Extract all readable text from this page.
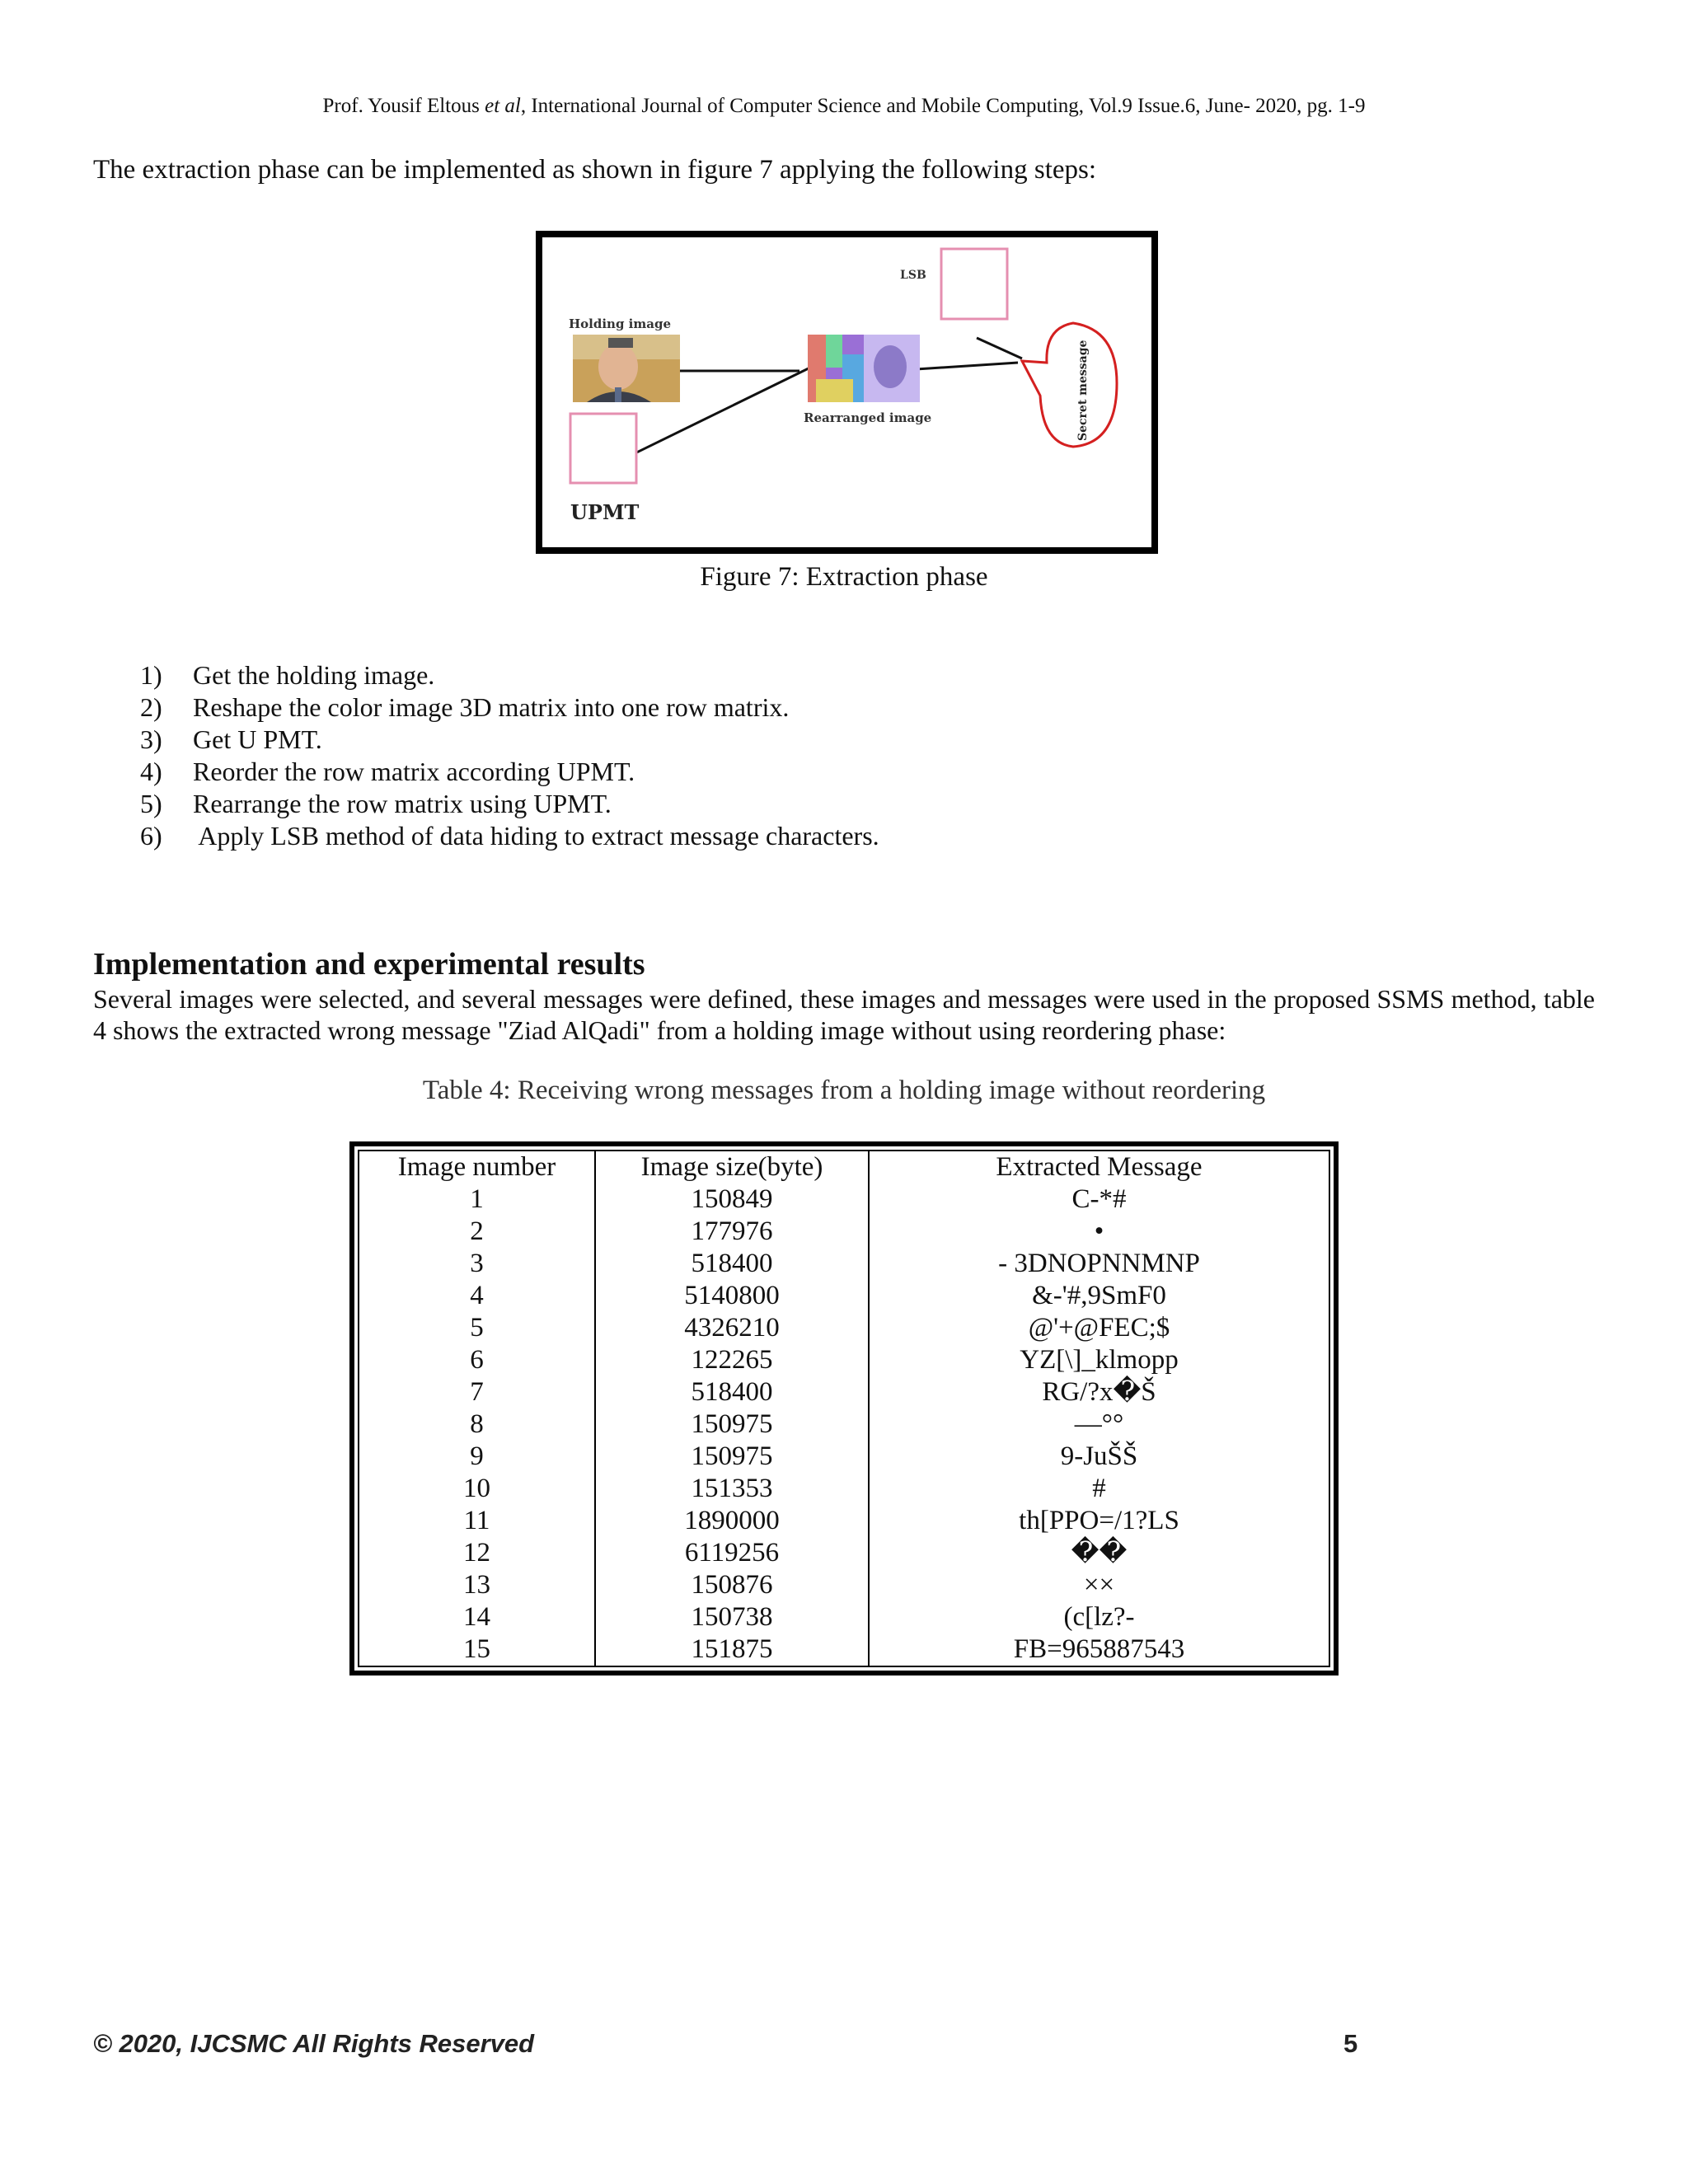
Prof. Yousif Eltous et al, International Journal of Computer Science and Mobile Computing, Vol.9 Issue.6, June- 2020, pg. 1-9
The extraction phase can be implemented as shown in figure 7 applying the following steps:
Holding image
Rearranged image
LSB
UPMT
Secret message
Figure 7: Extraction phase
1)	Get the holding image.
2)	Reshape the color image 3D matrix into one row matrix.
3)	Get U PMT.
4)	Reorder the row matrix according UPMT.
5)	Rearrange the row matrix using UPMT.
6)	Apply LSB method of data hiding to extract message characters.
Implementation and experimental results
Several images were selected, and several messages were defined, these images and messages were used in the proposed SSMS method, table 4 shows the extracted wrong message "Ziad AlQadi" from a holding image without using reordering phase:
Table 4: Receiving wrong messages from a holding image without reordering
Image number	Image size(byte)	Extracted Message
1	150849	C-*#
2	177976	•
3	518400	- 3DNOPNNMNP
4	5140800	&-'#,9SmF0
5	4326210	@'+@FEC;$
6	122265	YZ[\]_klmopp
7	518400	RG/?x�Š
8	150975	—°°
9	150975	9-JuŠŠ
10	151353	#
11	1890000	th[PPO=/1?LS
12	6119256	��
13	150876	××
14	150738	(c[lz?-
15	151875	FB=965887543
© 2020, IJCSMC All Rights Reserved	5
